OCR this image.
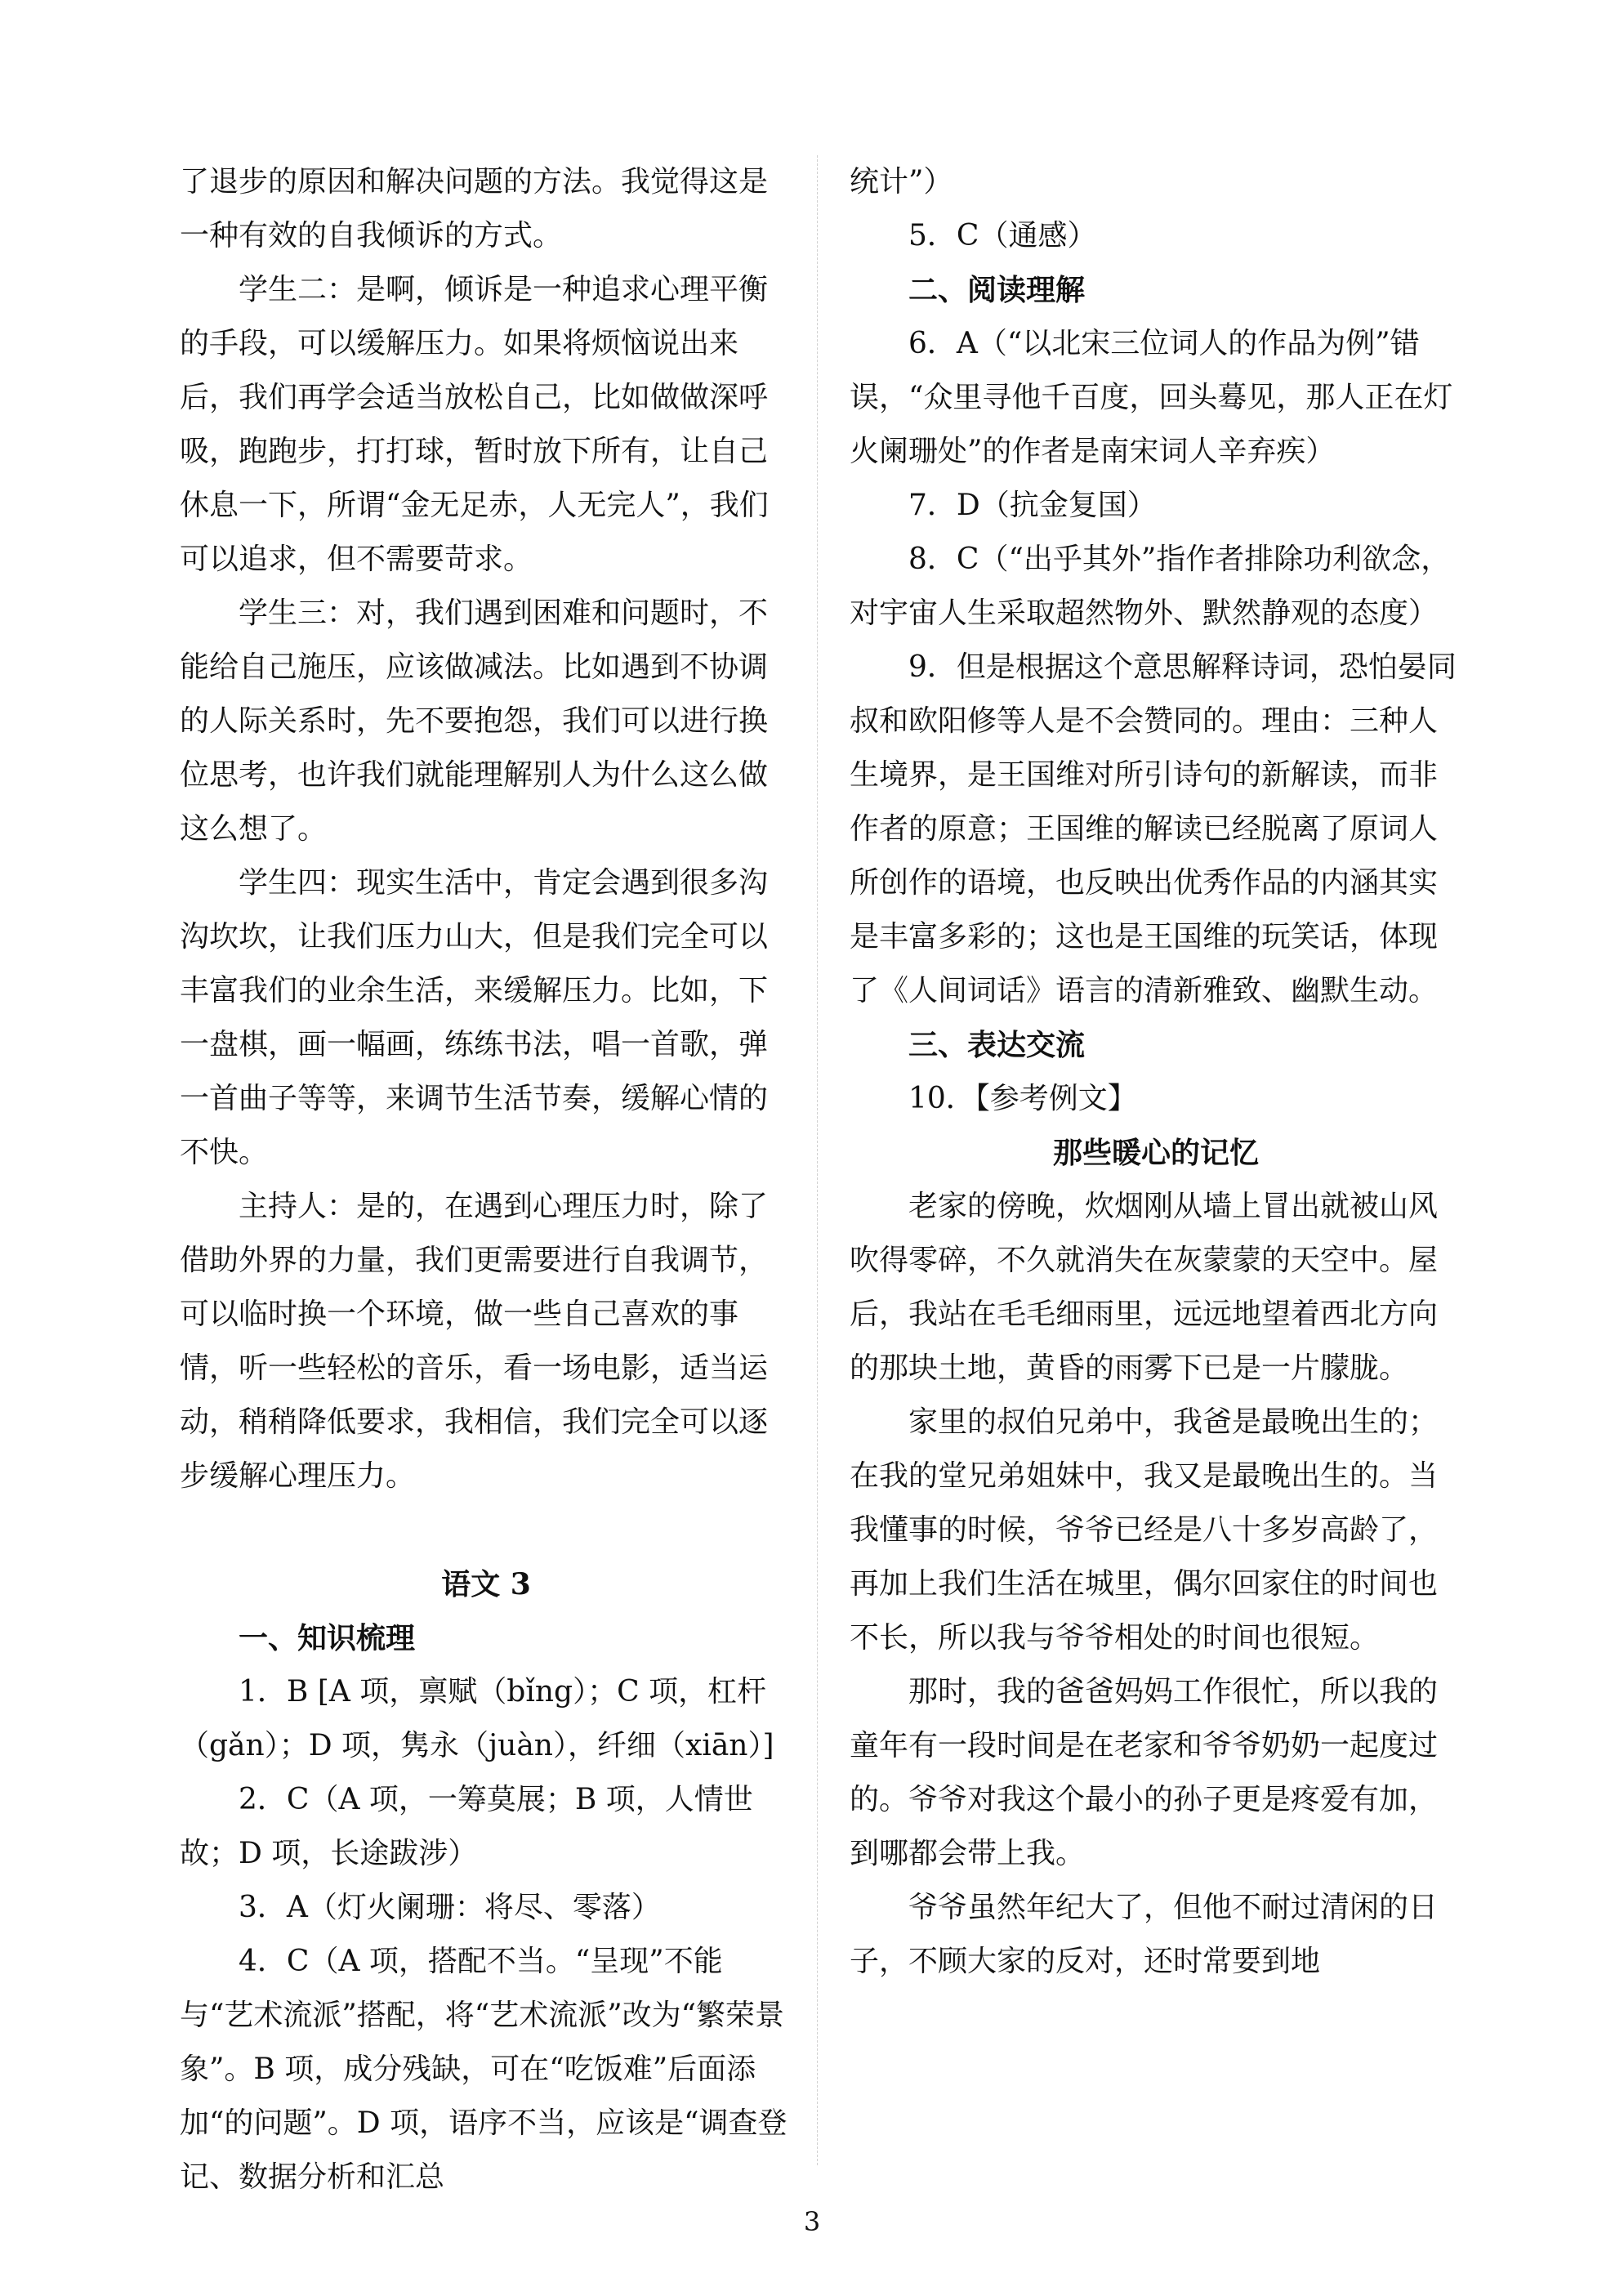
了退步的原因和解决问题的方法。我觉得这是一种有效的自我倾诉的方式。

学生二：是啊，倾诉是一种追求心理平衡的手段，可以缓解压力。如果将烦恼说出来后，我们再学会适当放松自己，比如做做深呼吸，跑跑步，打打球，暂时放下所有，让自己休息一下，所谓“金无足赤，人无完人”，我们可以追求，但不需要苛求。

学生三：对，我们遇到困难和问题时，不能给自己施压，应该做减法。比如遇到不协调的人际关系时，先不要抱怨，我们可以进行换位思考，也许我们就能理解别人为什么这么做这么想了。

学生四：现实生活中，肯定会遇到很多沟沟坎坎，让我们压力山大，但是我们完全可以丰富我们的业余生活，来缓解压力。比如，下一盘棋，画一幅画，练练书法，唱一首歌，弹一首曲子等等，来调节生活节奏，缓解心情的不快。

主持人：是的，在遇到心理压力时，除了借助外界的力量，我们更需要进行自我调节，可以临时换一个环境，做一些自己喜欢的事情，听一些轻松的音乐，看一场电影，适当运动，稍稍降低要求，我相信，我们完全可以逐步缓解心理压力。

语文 3

一、知识梳理

1．B [A 项，禀赋（bǐng）；C 项，杠杆（gǎn）；D 项，隽永（juàn），纤细（xiān）]

2．C（A 项，一筹莫展；B 项，人情世故；D 项，长途跋涉）

3．A（灯火阑珊：将尽、零落）

4．C（A 项，搭配不当。“呈现”不能与“艺术流派”搭配，将“艺术流派”改为“繁荣景象”。B 项，成分残缺，可在“吃饭难”后面添加“的问题”。D 项，语序不当，应该是“调查登记、数据分析和汇总

统计”）

5．C（通感）

二、阅读理解

6．A（“以北宋三位词人的作品为例”错误，“众里寻他千百度，回头蓦见，那人正在灯火阑珊处”的作者是南宋词人辛弃疾）

7．D（抗金复国）

8．C（“出乎其外”指作者排除功利欲念，对宇宙人生采取超然物外、默然静观的态度）

9．但是根据这个意思解释诗词，恐怕晏同叔和欧阳修等人是不会赞同的。理由：三种人生境界，是王国维对所引诗句的新解读，而非作者的原意；王国维的解读已经脱离了原词人所创作的语境，也反映出优秀作品的内涵其实是丰富多彩的；这也是王国维的玩笑话，体现了《人间词话》语言的清新雅致、幽默生动。

三、表达交流

10．【参考例文】

那些暖心的记忆

老家的傍晚，炊烟刚从墙上冒出就被山风吹得零碎，不久就消失在灰蒙蒙的天空中。屋后，我站在毛毛细雨里，远远地望着西北方向的那块土地，黄昏的雨雾下已是一片朦胧。

家里的叔伯兄弟中，我爸是最晚出生的；在我的堂兄弟姐妹中，我又是最晚出生的。当我懂事的时候，爷爷已经是八十多岁高龄了，再加上我们生活在城里，偶尔回家住的时间也不长，所以我与爷爷相处的时间也很短。

那时，我的爸爸妈妈工作很忙，所以我的童年有一段时间是在老家和爷爷奶奶一起度过的。爷爷对我这个最小的孙子更是疼爱有加，到哪都会带上我。

爷爷虽然年纪大了，但他不耐过清闲的日子，不顾大家的反对，还时常要到地

3
